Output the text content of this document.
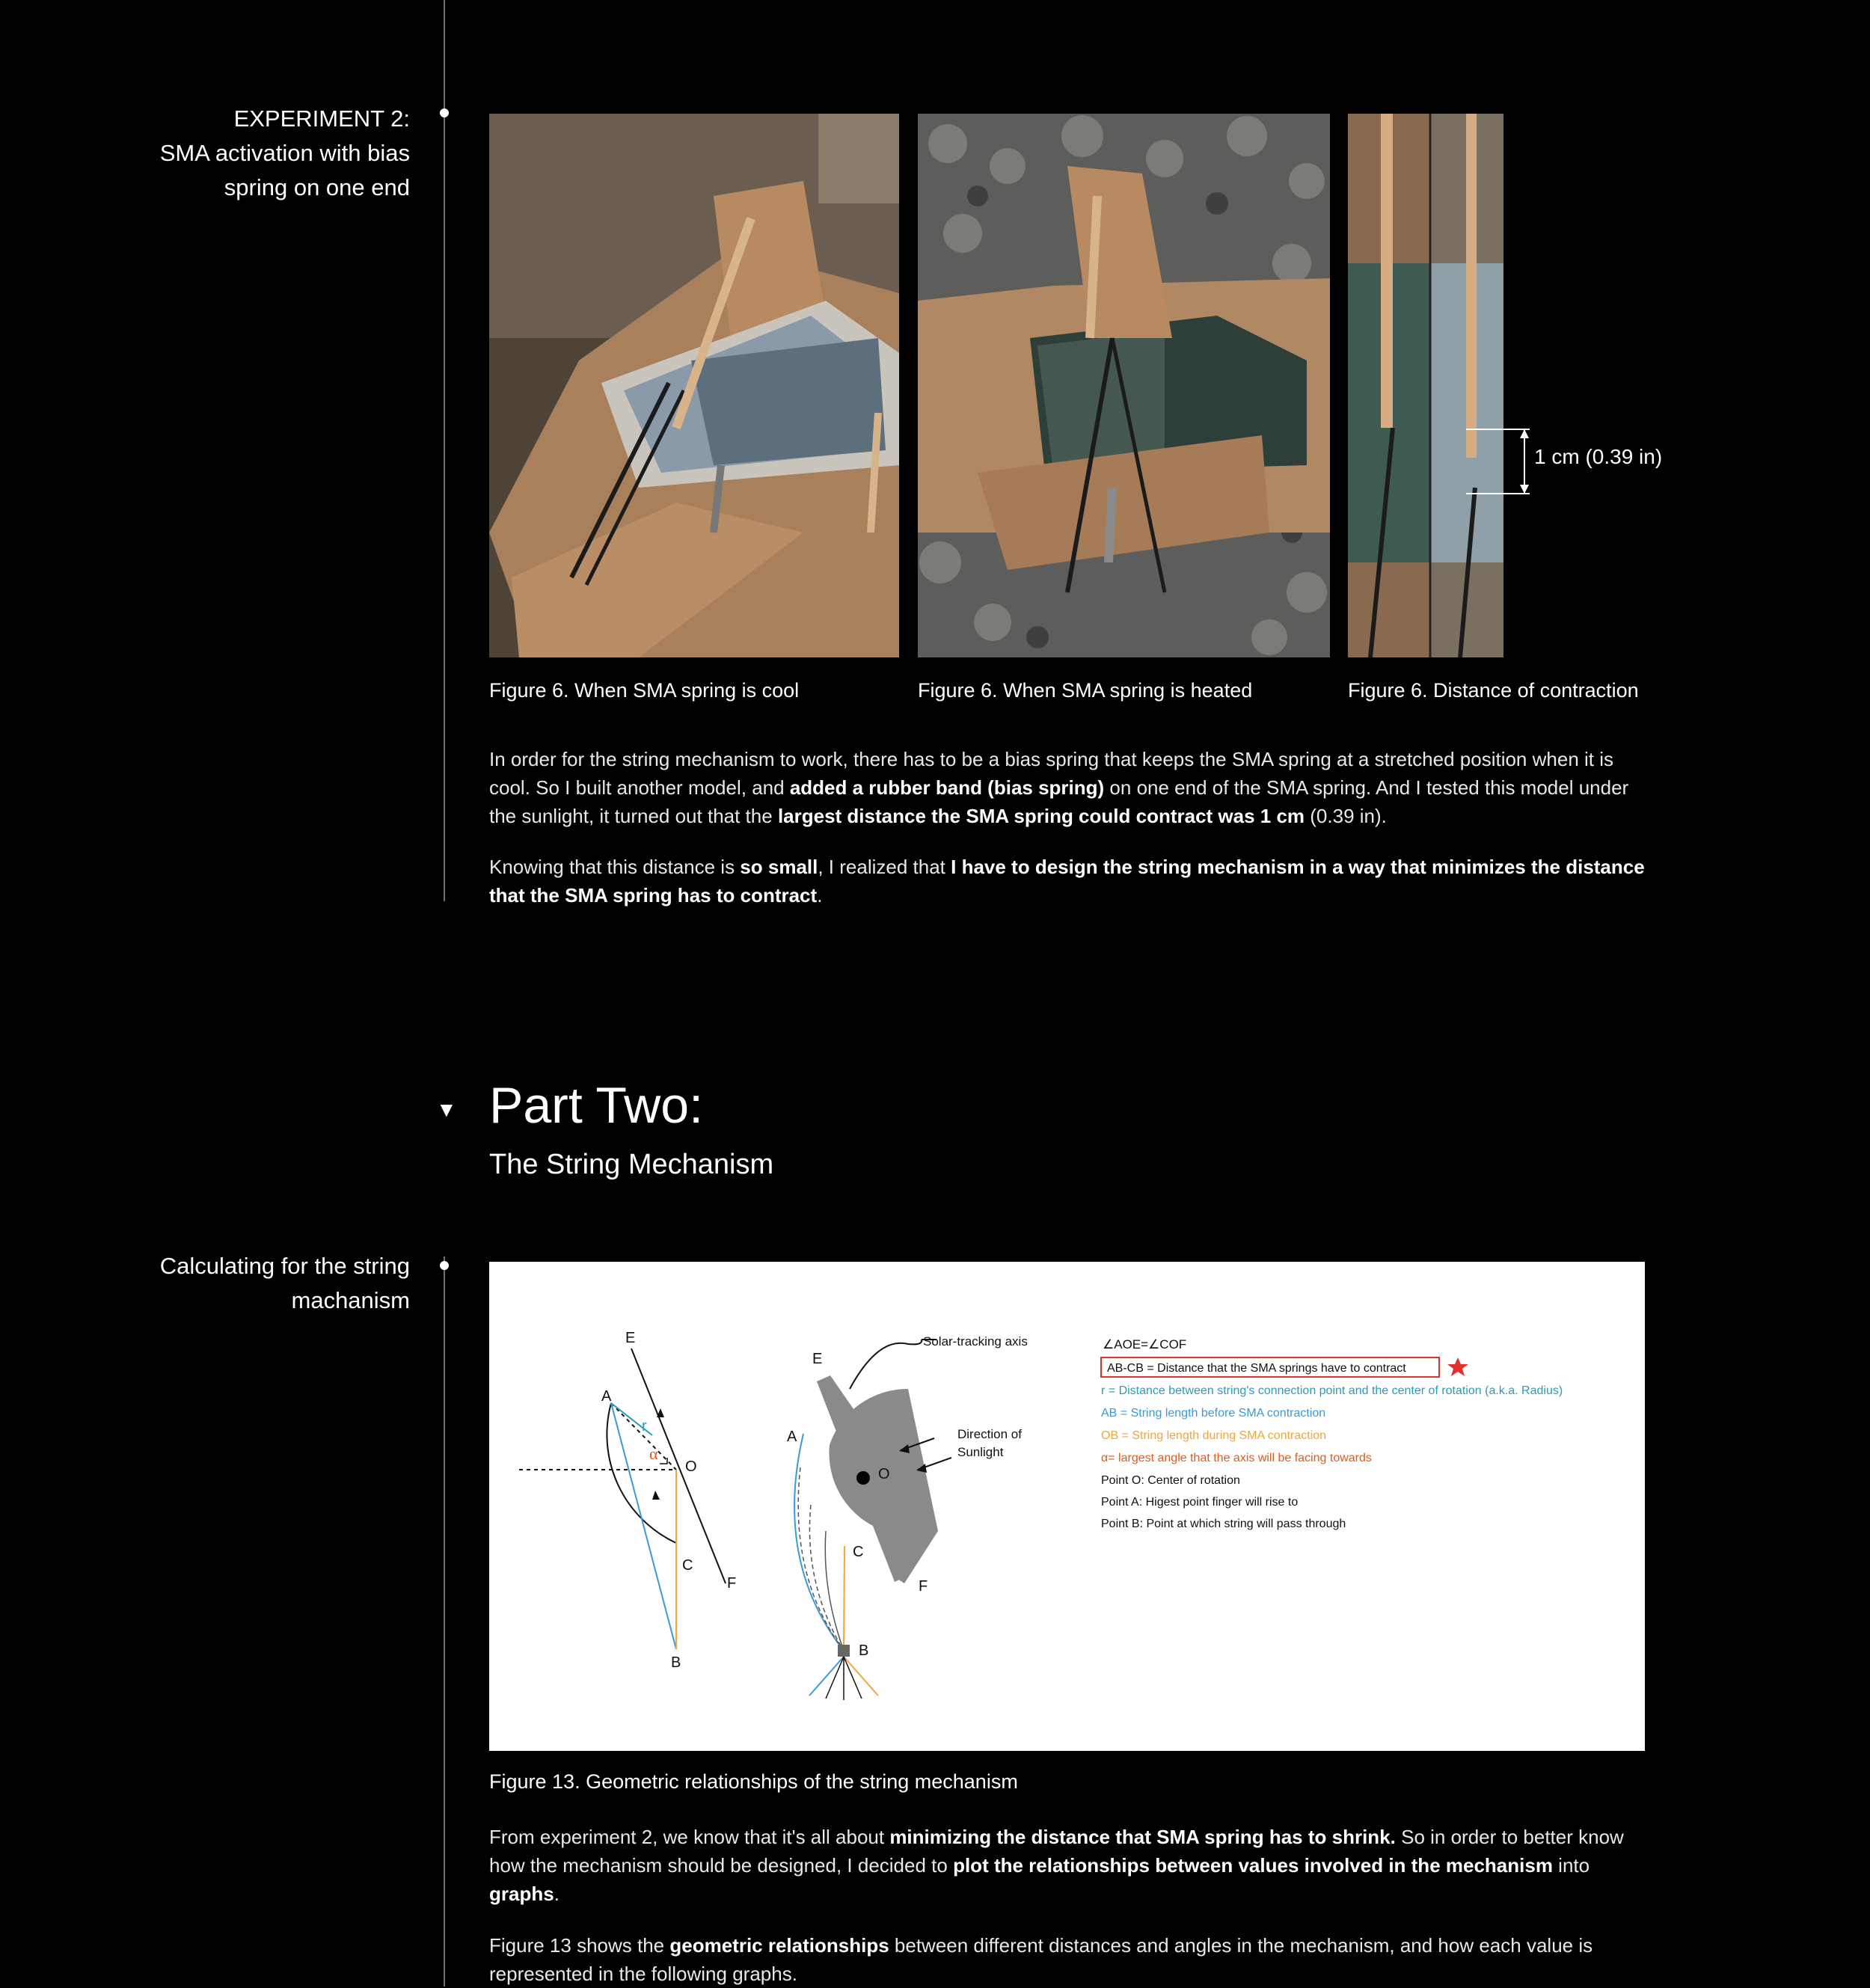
EXPERIMENT 2:
SMA activation with bias
spring on one end
1 cm (0.39 in)
Figure 6. When SMA spring is cool	Figure 6. When SMA spring is heated	Figure 6. Distance of contraction
In order for the string mechanism to work, there has to be a bias spring that keeps the SMA spring at a stretched position when it is cool. So I built another model, and added a rubber band (bias spring) on one end of the SMA spring. And I tested this model under the sunlight, it turned out that the largest distance the SMA spring could contract was 1 cm (0.39 in).
Knowing that this distance is so small, I realized that I have to design the string mechanism in a way that minimizes the distance that the SMA spring has to contract.
▼ Part Two:
The String Mechanism
Calculating for the string
machanism
E
A
O
C
F
B
r
α
E
A
O
C
F
B
Solar-tracking axis
Direction of
Sunlight
∠AOE=∠COF
AB-CB = Distance that the SMA springs have to contract
r = Distance between string's connection point and the center of rotation (a.k.a. Radius)
AB = String length before SMA contraction
OB = String length during SMA contraction
α= largest angle that the axis will be facing towards
Point O: Center of rotation
Point A: Higest point finger will rise to
Point B: Point at which string will pass through
Figure 13. Geometric relationships of the string mechanism
From experiment 2, we know that it's all about minimizing the distance that SMA spring has to shrink. So in order to better know how the mechanism should be designed, I decided to plot the relationships between values involved in the mechanism into graphs.
Figure 13 shows the geometric relationships between different distances and angles in the mechanism, and how each value is represented in the following graphs.
